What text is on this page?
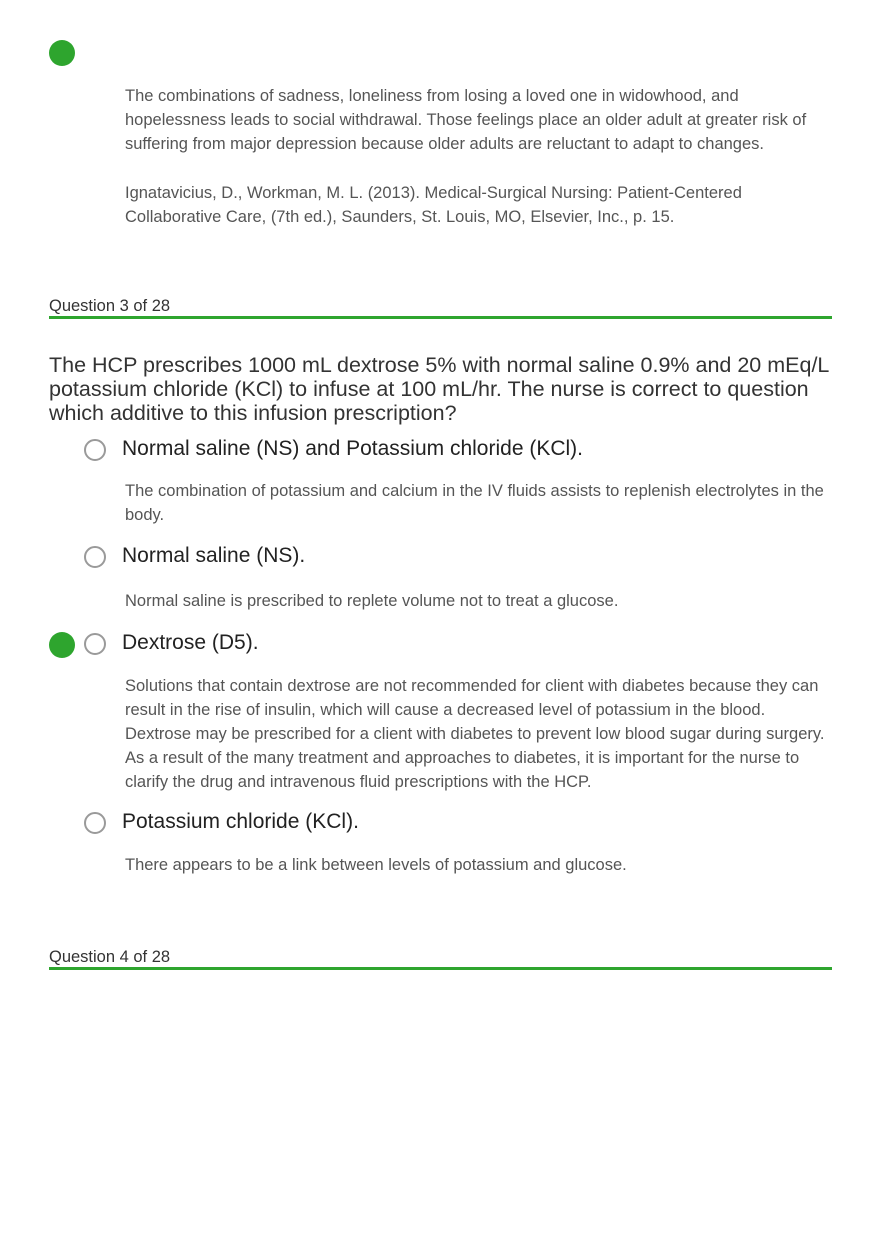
The combinations of sadness, loneliness from losing a loved one in widowhood, and hopelessness leads to social withdrawal. Those feelings place an older adult at greater risk of suffering from major depression because older adults are reluctant to adapt to changes.
Ignatavicius, D., Workman, M. L. (2013). Medical-Surgical Nursing: Patient-Centered Collaborative Care, (7th ed.), Saunders, St. Louis, MO, Elsevier, Inc., p. 15.
Question 3 of 28
The HCP prescribes 1000 mL dextrose 5% with normal saline 0.9% and 20 mEq/L potassium chloride (KCl) to infuse at 100 mL/hr. The nurse is correct to question which additive to this infusion prescription?
Normal saline (NS) and Potassium chloride (KCl).
The combination of potassium and calcium in the IV fluids assists to replenish electrolytes in the body.
Normal saline (NS).
Normal saline is prescribed to replete volume not to treat a glucose.
Dextrose (D5).
Solutions that contain dextrose are not recommended for client with diabetes because they can result in the rise of insulin, which will cause a decreased level of potassium in the blood. Dextrose may be prescribed for a client with diabetes to prevent low blood sugar during surgery. As a result of the many treatment and approaches to diabetes, it is important for the nurse to clarify the drug and intravenous fluid prescriptions with the HCP.
Potassium chloride (KCl).
There appears to be a link between levels of potassium and glucose.
Question 4 of 28
